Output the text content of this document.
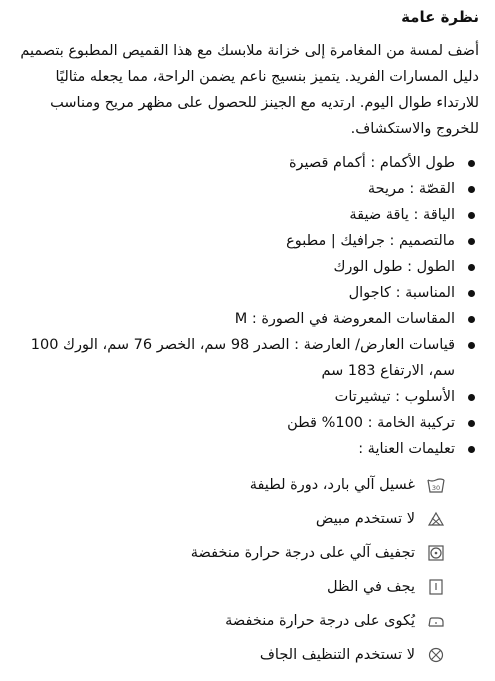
نظرة عامة

أضف لمسة من المغامرة إلى خزانة ملابسك مع هذا القميص المطبوع بتصميم دليل المسارات الفريد. يتميز بنسيج ناعم يضمن الراحة، مما يجعله مثاليًا للارتداء طوال اليوم. ارتديه مع الجينز للحصول على مظهر مريح ومناسب للخروج والاستكشاف.

طول الأكمام : أكمام قصيرة
القصّة : مريحة
الياقة : ياقة ضيقة
مالتصميم : جرافيك | مطبوع
الطول : طول الورك
المناسبة : كاجوال
المقاسات المعروضة في الصورة : M
قياسات العارض/ العارضة : الصدر 98 سم، الخصر 76 سم، الورك 100 سم، الارتفاع 183 سم
الأسلوب : تيشيرتات
تركيبة الخامة : 100% قطن
تعليمات العناية :
30
غسيل آلي بارد، دورة لطيفة
لا تستخدم مبيض
تجفيف آلي على درجة حرارة منخفضة
يجف في الظل
يُكوى على درجة حرارة منخفضة
لا تستخدم التنظيف الجاف
